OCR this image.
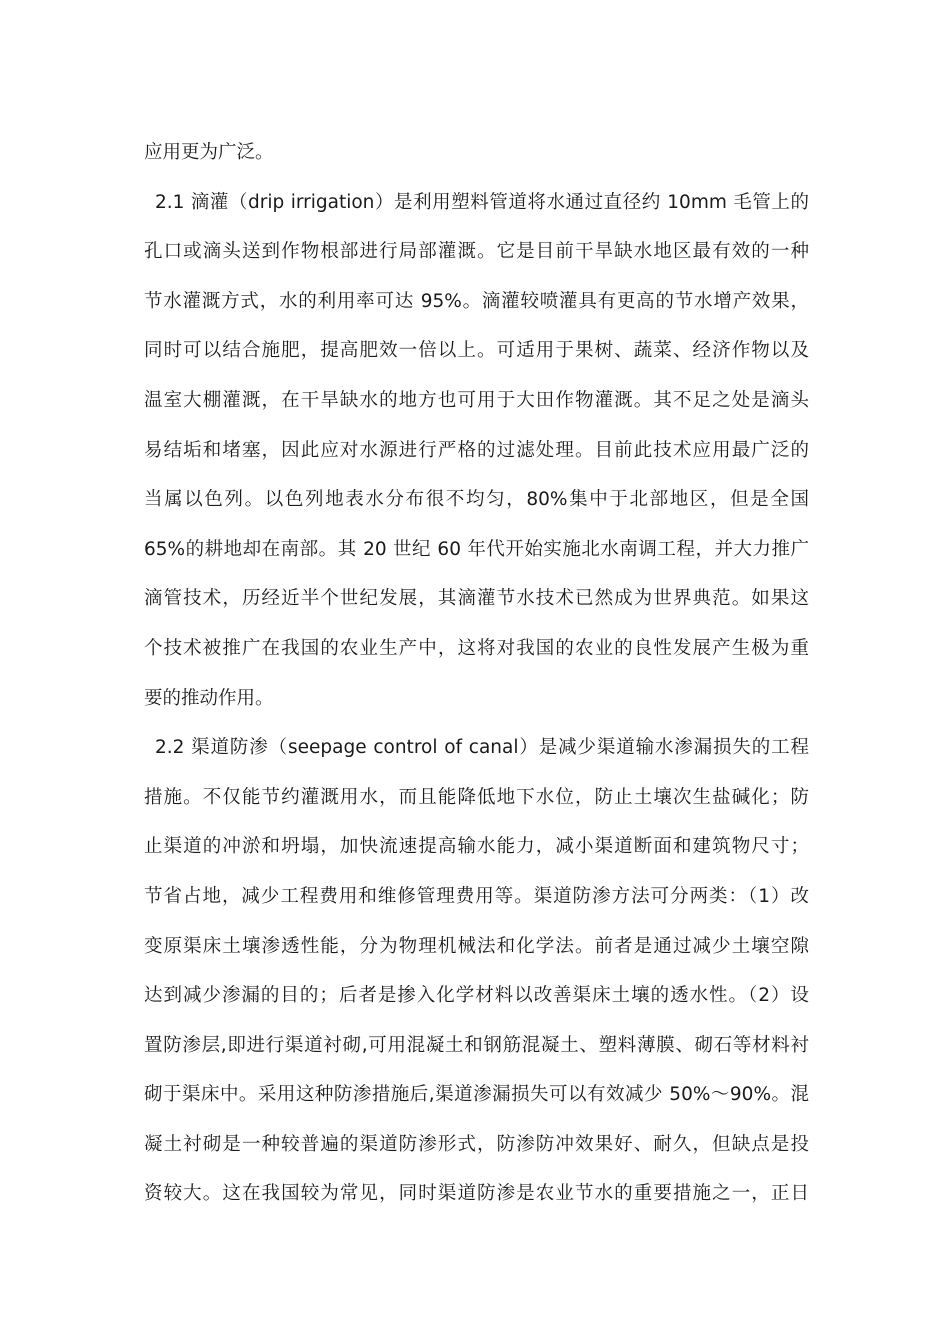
应用更为广泛。
2.1 滴灌（drip irrigation）是利用塑料管道将水通过直径约 10mm 毛管上的
孔口或滴头送到作物根部进行局部灌溉。它是目前干旱缺水地区最有效的一种
节水灌溉方式，水的利用率可达 95%。滴灌较喷灌具有更高的节水增产效果，
同时可以结合施肥，提高肥效一倍以上。可适用于果树、蔬菜、经济作物以及
温室大棚灌溉，在干旱缺水的地方也可用于大田作物灌溉。其不足之处是滴头
易结垢和堵塞，因此应对水源进行严格的过滤处理。目前此技术应用最广泛的
当属以色列。以色列地表水分布很不均匀，80%集中于北部地区，但是全国
65%的耕地却在南部。其 20 世纪 60 年代开始实施北水南调工程，并大力推广
滴管技术，历经近半个世纪发展，其滴灌节水技术已然成为世界典范。如果这
个技术被推广在我国的农业生产中，这将对我国的农业的良性发展产生极为重
要的推动作用。
2.2 渠道防渗（seepage control of canal）是减少渠道输水渗漏损失的工程
措施。不仅能节约灌溉用水，而且能降低地下水位，防止土壤次生盐碱化；防
止渠道的冲淤和坍塌，加快流速提高输水能力，减小渠道断面和建筑物尺寸；
节省占地，减少工程费用和维修管理费用等。渠道防渗方法可分两类：（1）改
变原渠床土壤渗透性能，分为物理机械法和化学法。前者是通过减少土壤空隙
达到减少渗漏的目的；后者是掺入化学材料以改善渠床土壤的透水性。（2）设
置防渗层,即进行渠道衬砌,可用混凝土和钢筋混凝土、塑料薄膜、砌石等材料衬
砌于渠床中。采用这种防渗措施后,渠道渗漏损失可以有效减少 50%～90%。混
凝土衬砌是一种较普遍的渠道防渗形式，防渗防冲效果好、耐久，但缺点是投
资较大。这在我国较为常见，同时渠道防渗是农业节水的重要措施之一，正日
